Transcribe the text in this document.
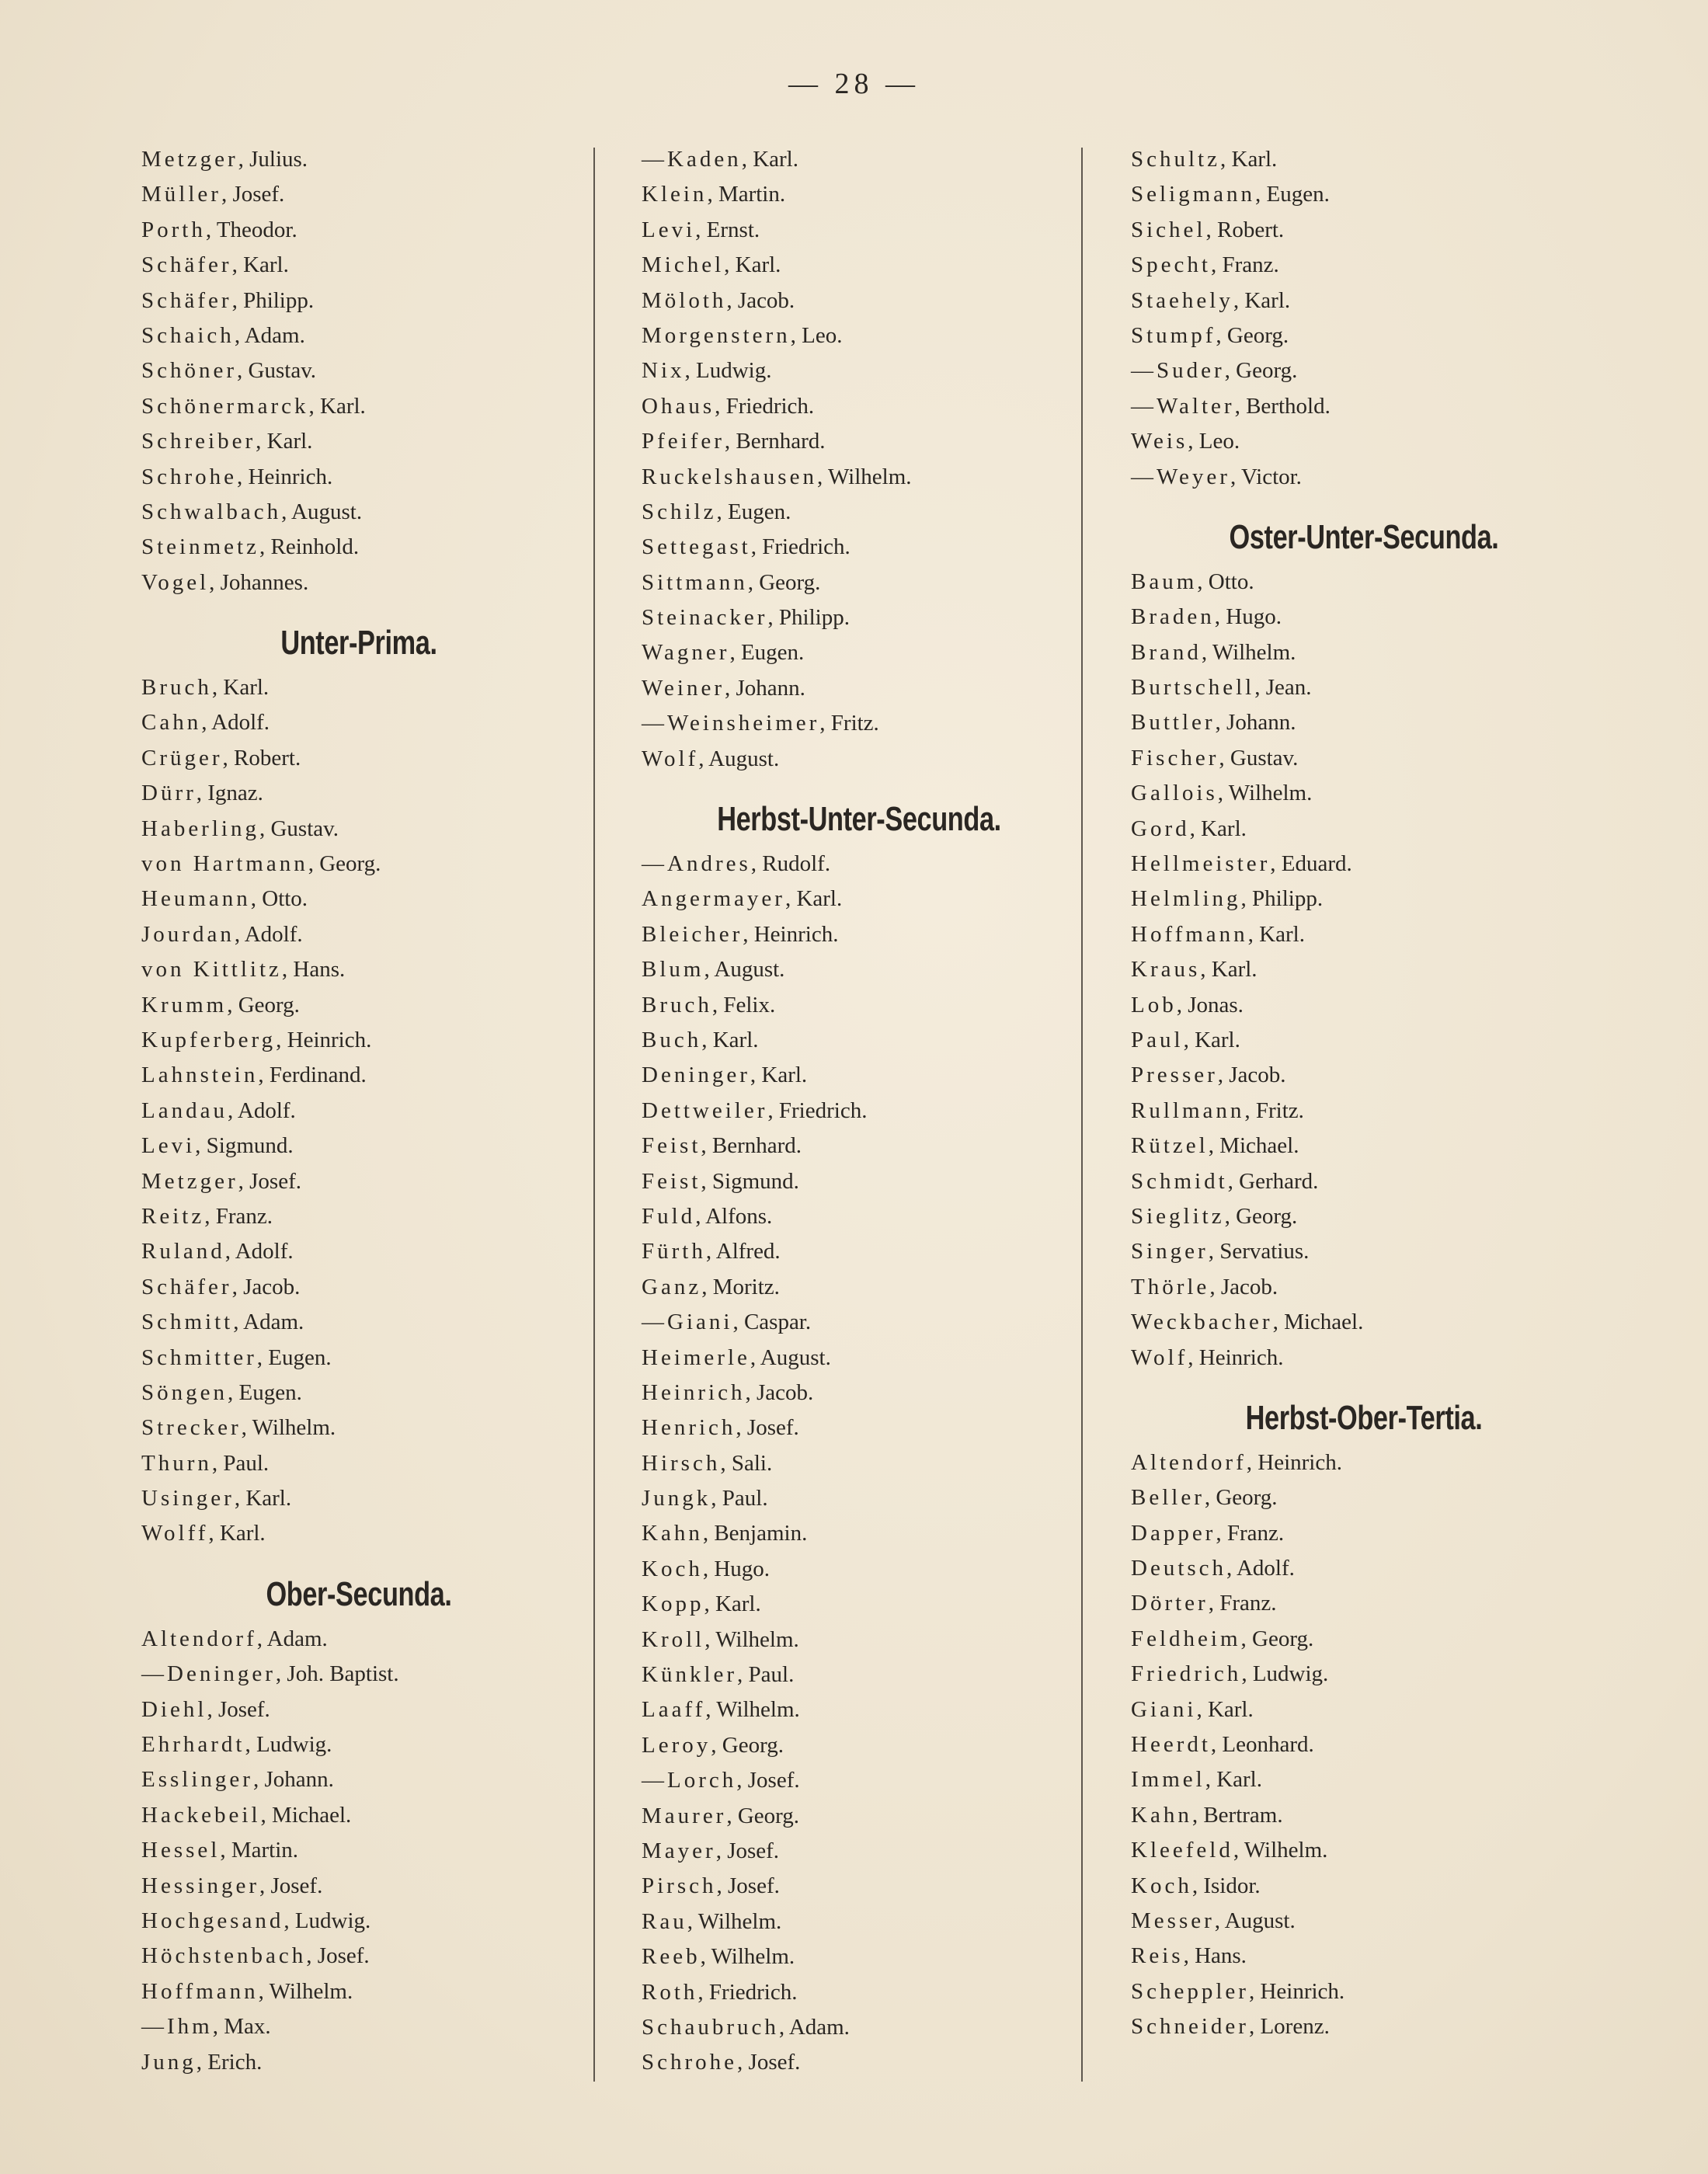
— 28 —
Metzger, Julius.
Müller, Josef.
Porth, Theodor.
Schäfer, Karl.
Schäfer, Philipp.
Schaich, Adam.
Schöner, Gustav.
Schönermarck, Karl.
Schreiber, Karl.
Schrohe, Heinrich.
Schwalbach, August.
Steinmetz, Reinhold.
Vogel, Johannes.
Unter-Prima.
Bruch, Karl.
Cahn, Adolf.
Crüger, Robert.
Dürr, Ignaz.
Haberling, Gustav.
von Hartmann, Georg.
Heumann, Otto.
Jourdan, Adolf.
von Kittlitz, Hans.
Krumm, Georg.
Kupferberg, Heinrich.
Lahnstein, Ferdinand.
Landau, Adolf.
Levi, Sigmund.
Metzger, Josef.
Reitz, Franz.
Ruland, Adolf.
Schäfer, Jacob.
Schmitt, Adam.
Schmitter, Eugen.
Söngen, Eugen.
Strecker, Wilhelm.
Thurn, Paul.
Usinger, Karl.
Wolff, Karl.
Ober-Secunda.
Altendorf, Adam.
—Deninger, Joh. Baptist.
Diehl, Josef.
Ehrhardt, Ludwig.
Esslinger, Johann.
Hackebeil, Michael.
Hessel, Martin.
Hessinger, Josef.
Hochgesand, Ludwig.
Höchstenbach, Josef.
Hoffmann, Wilhelm.
—Ihm, Max.
Jung, Erich.
—Kaden, Karl.
Klein, Martin.
Levi, Ernst.
Michel, Karl.
Möloth, Jacob.
Morgenstern, Leo.
Nix, Ludwig.
Ohaus, Friedrich.
Pfeifer, Bernhard.
Ruckelshausen, Wilhelm.
Schilz, Eugen.
Settegast, Friedrich.
Sittmann, Georg.
Steinacker, Philipp.
Wagner, Eugen.
Weiner, Johann.
—Weinsheimer, Fritz.
Wolf, August.
Herbst-Unter-Secunda.
—Andres, Rudolf.
Angermayer, Karl.
Bleicher, Heinrich.
Blum, August.
Bruch, Felix.
Buch, Karl.
Deninger, Karl.
Dettweiler, Friedrich.
Feist, Bernhard.
Feist, Sigmund.
Fuld, Alfons.
Fürth, Alfred.
Ganz, Moritz.
—Giani, Caspar.
Heimerle, August.
Heinrich, Jacob.
Henrich, Josef.
Hirsch, Sali.
Jungk, Paul.
Kahn, Benjamin.
Koch, Hugo.
Kopp, Karl.
Kroll, Wilhelm.
Künkler, Paul.
Laaff, Wilhelm.
Leroy, Georg.
—Lorch, Josef.
Maurer, Georg.
Mayer, Josef.
Pirsch, Josef.
Rau, Wilhelm.
Reeb, Wilhelm.
Roth, Friedrich.
Schaubruch, Adam.
Schrohe, Josef.
Schultz, Karl.
Seligmann, Eugen.
Sichel, Robert.
Specht, Franz.
Staehely, Karl.
Stumpf, Georg.
—Suder, Georg.
—Walter, Berthold.
Weis, Leo.
—Weyer, Victor.
Oster-Unter-Secunda.
Baum, Otto.
Braden, Hugo.
Brand, Wilhelm.
Burtschell, Jean.
Buttler, Johann.
Fischer, Gustav.
Gallois, Wilhelm.
Gord, Karl.
Hellmeister, Eduard.
Helmling, Philipp.
Hoffmann, Karl.
Kraus, Karl.
Lob, Jonas.
Paul, Karl.
Presser, Jacob.
Rullmann, Fritz.
Rützel, Michael.
Schmidt, Gerhard.
Sieglitz, Georg.
Singer, Servatius.
Thörle, Jacob.
Weckbacher, Michael.
Wolf, Heinrich.
Herbst-Ober-Tertia.
Altendorf, Heinrich.
Beller, Georg.
Dapper, Franz.
Deutsch, Adolf.
Dörter, Franz.
Feldheim, Georg.
Friedrich, Ludwig.
Giani, Karl.
Heerdt, Leonhard.
Immel, Karl.
Kahn, Bertram.
Kleefeld, Wilhelm.
Koch, Isidor.
Messer, August.
Reis, Hans.
Scheppler, Heinrich.
Schneider, Lorenz.
